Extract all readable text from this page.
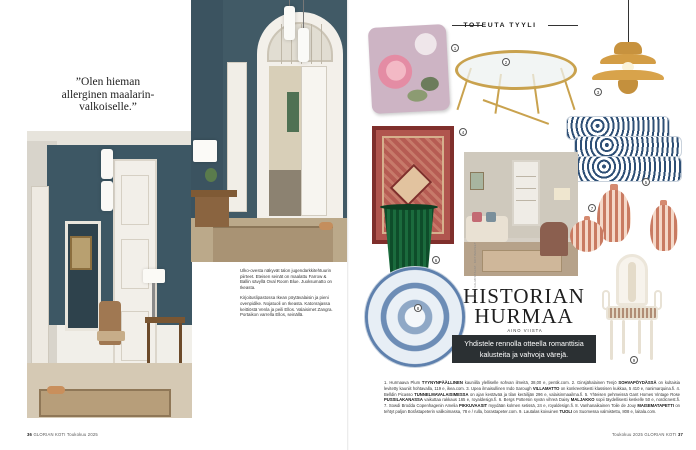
”Olen hieman allerginen maalarin-valkoiselle.”

Ulko-ovesta näkyvät talon jugendarkkitehtuurin piirteet. Eteisen seinät on maalattu Farrow & Ballin sävyllä Oval Room Blue. Juoksumatto on Ikeasta.

Kirjoituslipastossa Ikean pöytävalaisin ja pieni ovenpidike. Nojatuoli on Ikeasta. Katonrajassa keittiöstä Venla ja peili Ellos. Valaisimet Zangra. Portaikon varrella Ellos, seinällä.

36 GLORIAN KOTI Toukokuu 2025
TOTEUTA TYYLI
1
2
3
4
5
7
6
8
HISTORIAN HURMAA
AINO VIISTA
Yhdistele rennolla otteella romanttisia kalusteita ja vahvoja värejä.
KUVAT VALMISTAJAT, KOTIMAISET
9
1. Hurmaava Plum TYYNYNPÄÄLLINEN kauniilla ylelliselle sohvan ilmeitä, 38,00 e, pentik.com. 2. Ginsjähalainen Tenjö SOHVAPÖYDÄSSÄ on kultaisia levitetty kauniit hohtavalla, 119 e, ikea.com. 3. Upea ilmaisullinen Indo Sarough VILLAMATTO on konkreettisesti klassisen kukkaa, 5 410 e, nanimarquina.fi. 4. Belldin Picasso TUNNELMAVALAISIMESSA on ajan kestävää ja tilan keräilijän 296 e, valaisinmaailma.fi. 5. Yhteisen pehmeissä Gant Homes Vintage Rose PUSSILAKANASSA vaikuttaa rakkaus 165 e, royaldesign.fi. 6. Bergs Pottersin syvän vihreä Daisy MALJAKKO sopii täydellisesti keskelle 50 e, nordicnest.fi. 7. Sowdi Brodda Copenhagenin Amelia PIKKUVAASIT myydään kolmen setissä, 24 e, royaldesign.fi. 8. Vanhanaikainen Toile de Jouy MAISEMATAPETTI on tehtyt paljon Borâstapeterin valikoimassa, 78 e / rulla, borastapeter.com. 9. Lautalas koivuinen TUOLI on Suomessa valmistettu, 808 e, laitala.com.
Toukokuu 2025 GLORIAN KOTI 37
